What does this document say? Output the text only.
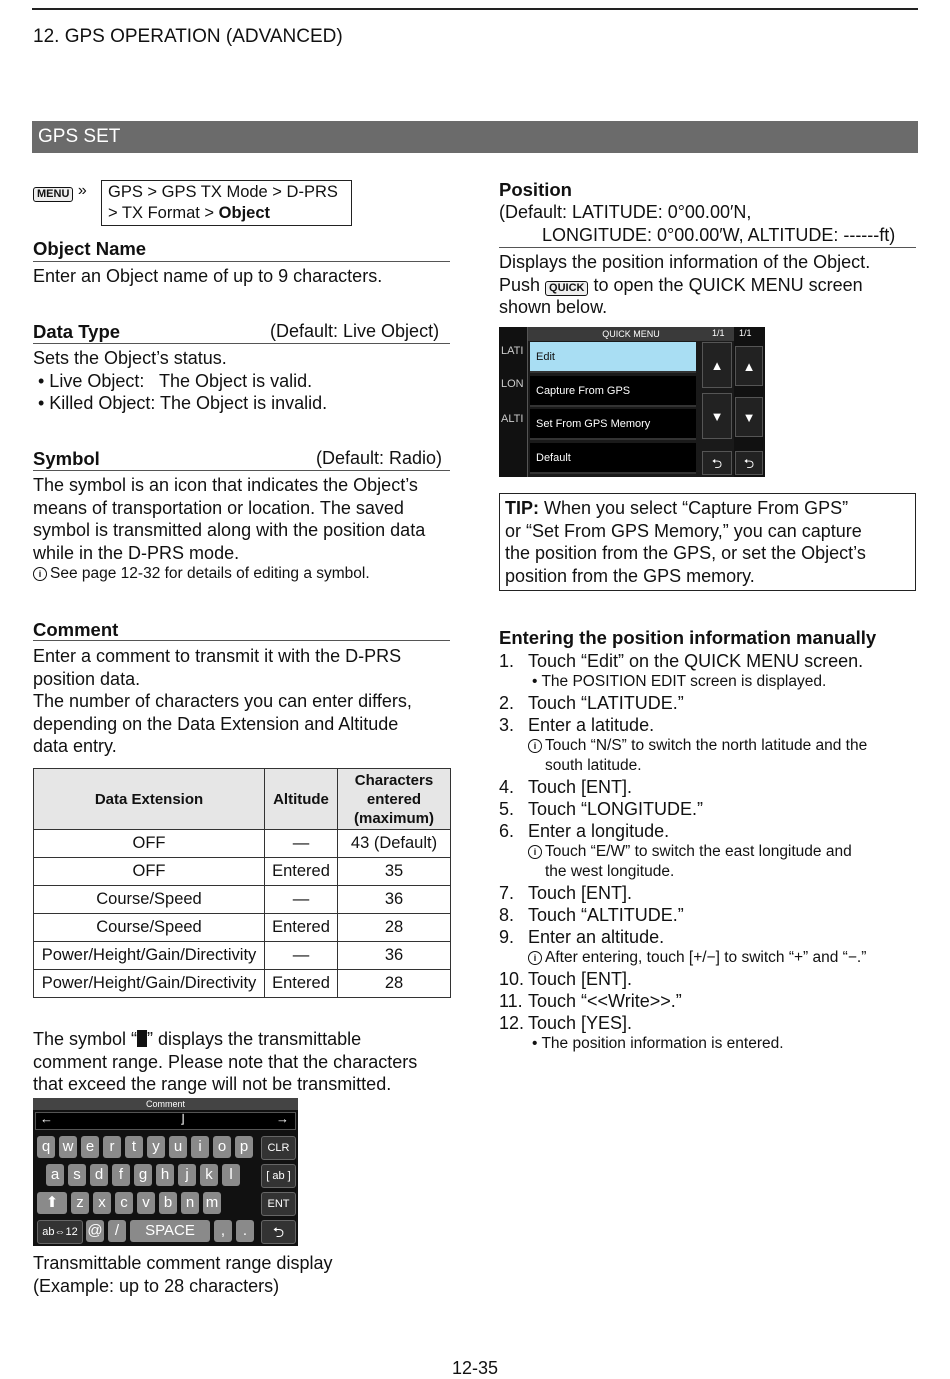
12. GPS OPERATION (ADVANCED)
GPS SET
MENU » GPS > GPS TX Mode > D-PRS
> TX Format > Object
Object Name
Enter an Object name of up to 9 characters.
Data Type	(Default: Live Object)
Sets the Object’s status.
• Live Object:   The Object is valid.
• Killed Object: The Object is invalid.
Symbol	(Default: Radio)
The symbol is an icon that indicates the Object’s
means of transportation or location. The saved
symbol is transmitted along with the position data
while in the D-PRS mode.
i See page 12-32 for details of editing a symbol.
Comment
Enter a comment to transmit it with the D-PRS
position data.
The number of characters you can enter differs,
depending on the Data Extension and Altitude
data entry.
Data Extension	Altitude	Characters entered (maximum)
OFF	—	43 (Default)
OFF	Entered	35
Course/Speed	—	36
Course/Speed	Entered	28
Power/Height/Gain/Directivity	—	36
Power/Height/Gain/Directivity	Entered	28
The symbol “ ” displays the transmittable
comment range. Please note that the characters
that exceed the range will not be transmitted.
Comment
←	⌋	→
q w e	r	t	y u	i	o p	CLR
a s d	f	g h	j	k	l	[ ab ]
⬆	z x c v b n m	ENT
ab⇔12 @ /	SPACE	,	.	⮌
Transmittable comment range display
(Example: up to 28 characters)
Position
(Default: LATITUDE: 0°00.00′N,
LONGITUDE: 0°00.00′W, ALTITUDE: ------ft)
Displays the position information of the Object.
Push QUICK to open the QUICK MENU screen
shown below.
LATI
LON
ALTI
1/1
▲
▼
⮌
QUICK MENU	1/1
Edit
Capture From GPS
Set From GPS Memory
Default
▲
▼
⮌
TIP: When you select “Capture From GPS”
or “Set From GPS Memory,” you can capture
the position from the GPS, or set the Object’s
position from the GPS memory.
Entering the position information manually
1. Touch “Edit” on the QUICK MENU screen.
• The POSITION EDIT screen is displayed.
2. Touch “LATITUDE.”
3. Enter a latitude.
i Touch “N/S” to switch the north latitude and the
south latitude.
4. Touch [ENT].
5. Touch “LONGITUDE.”
6. Enter a longitude.
i Touch “E/W” to switch the east longitude and
the west longitude.
7. Touch [ENT].
8. Touch “ALTITUDE.”
9. Enter an altitude.
i After entering, touch [+/−] to switch “+” and “−.”
10. Touch [ENT].
11. Touch “<<Write>>.”
12. Touch [YES].
• The position information is entered.
12-35
